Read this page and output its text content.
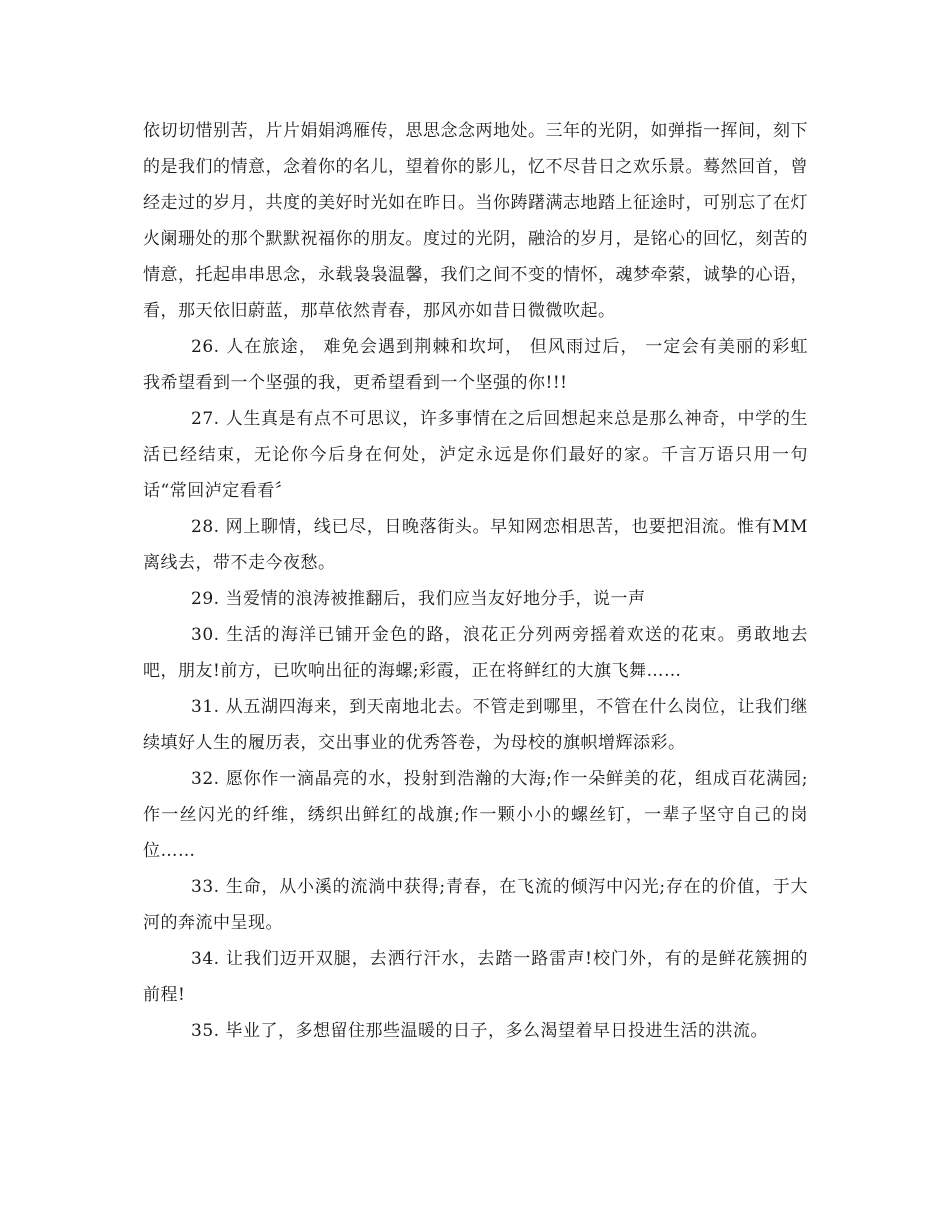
依切切惜别苦，片片娟娟鸿雁传，思思念念两地处。三年的光阴，如弹指一挥间，刻下的是我们的情意，念着你的名儿，望着你的影儿，忆不尽昔日之欢乐景。蓦然回首，曾经走过的岁月，共度的美好时光如在昨日。当你踌躇满志地踏上征途时，可别忘了在灯火阑珊处的那个默默祝福你的朋友。度过的光阴，融洽的岁月，是铭心的回忆，刻苦的情意，托起串串思念，永载袅袅温馨，我们之间不变的情怀，魂梦牵萦，诚挚的心语，看，那天依旧蔚蓝，那草依然青春，那风亦如昔日微微吹起。

26. 人在旅途， 难免会遇到荆棘和坎坷， 但风雨过后， 一定会有美丽的彩虹 我希望看到一个坚强的我，更希望看到一个坚强的你!!!

27. 人生真是有点不可思议，许多事情在之后回想起来总是那么神奇，中学的生活已经结束，无论你今后身在何处，泸定永远是你们最好的家。千言万语只用一句话“常回泸定看看〞

28. 网上聊情，线已尽，日晚落街头。早知网恋相思苦，也要把泪流。惟有MM离线去，带不走今夜愁。

29. 当爱情的浪涛被推翻后，我们应当友好地分手，说一声

30. 生活的海洋已铺开金色的路，浪花正分列两旁摇着欢送的花束。勇敢地去吧，朋友!前方，已吹响出征的海螺;彩霞，正在将鲜红的大旗飞舞……

31. 从五湖四海来，到天南地北去。不管走到哪里，不管在什么岗位，让我们继续填好人生的履历表，交出事业的优秀答卷，为母校的旗帜增辉添彩。

32. 愿你作一滴晶亮的水，投射到浩瀚的大海;作一朵鲜美的花，组成百花满园;作一丝闪光的纤维，绣织出鲜红的战旗;作一颗小小的螺丝钉，一辈子坚守自己的岗位……

33. 生命，从小溪的流淌中获得;青春，在飞流的倾泻中闪光;存在的价值，于大河的奔流中呈现。

34. 让我们迈开双腿，去洒行汗水，去踏一路雷声!校门外，有的是鲜花簇拥的前程!

35. 毕业了，多想留住那些温暖的日子，多么渴望着早日投进生活的洪流。
